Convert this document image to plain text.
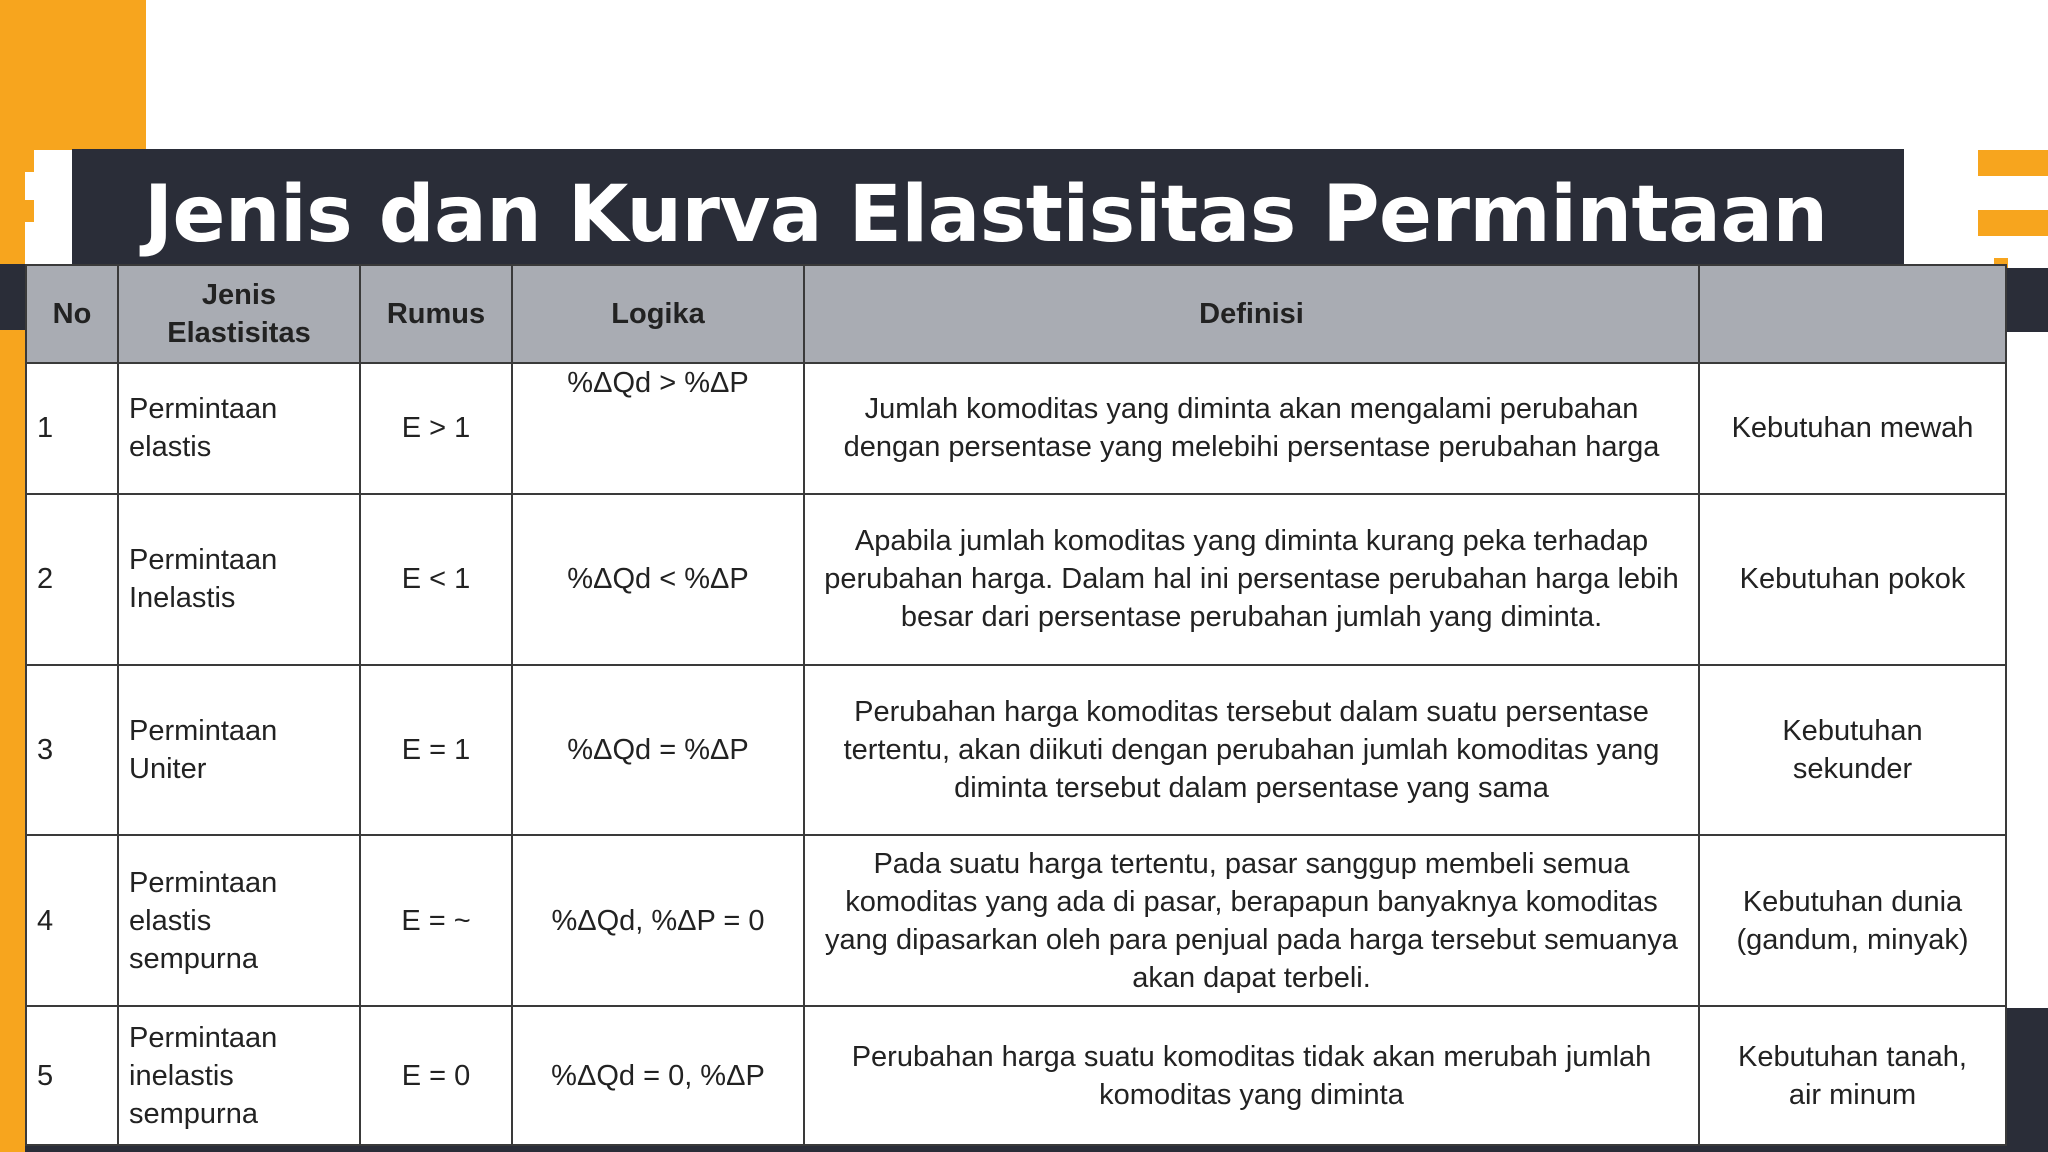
Jenis dan Kurva Elastisitas Permintaan
No	Jenis Elastisitas	Rumus	Logika	Definisi	
1	Permintaan elastis	E > 1	%ΔQd > %ΔP	Jumlah komoditas yang diminta akan mengalami perubahan dengan persentase yang melebihi persentase perubahan harga	Kebutuhan mewah
2	Permintaan Inelastis	E < 1	%ΔQd < %ΔP	Apabila jumlah komoditas yang diminta kurang peka terhadap perubahan harga. Dalam hal ini persentase perubahan harga lebih besar dari persentase perubahan jumlah yang diminta.	Kebutuhan pokok
3	Permintaan Uniter	E = 1	%ΔQd = %ΔP	Perubahan harga komoditas tersebut dalam suatu persentase tertentu, akan diikuti dengan perubahan jumlah komoditas yang diminta tersebut dalam persentase yang sama	Kebutuhan sekunder
4	Permintaan elastis sempurna	E = ~	%ΔQd, %ΔP = 0	Pada suatu harga tertentu, pasar sanggup membeli semua komoditas yang ada di pasar, berapapun banyaknya komoditas yang dipasarkan oleh para penjual pada harga tersebut semuanya akan dapat terbeli.	Kebutuhan dunia (gandum, minyak)
5	Permintaan inelastis sempurna	E = 0	%ΔQd = 0, %ΔP	Perubahan harga suatu komoditas tidak akan merubah jumlah komoditas yang diminta	Kebutuhan tanah, air minum
